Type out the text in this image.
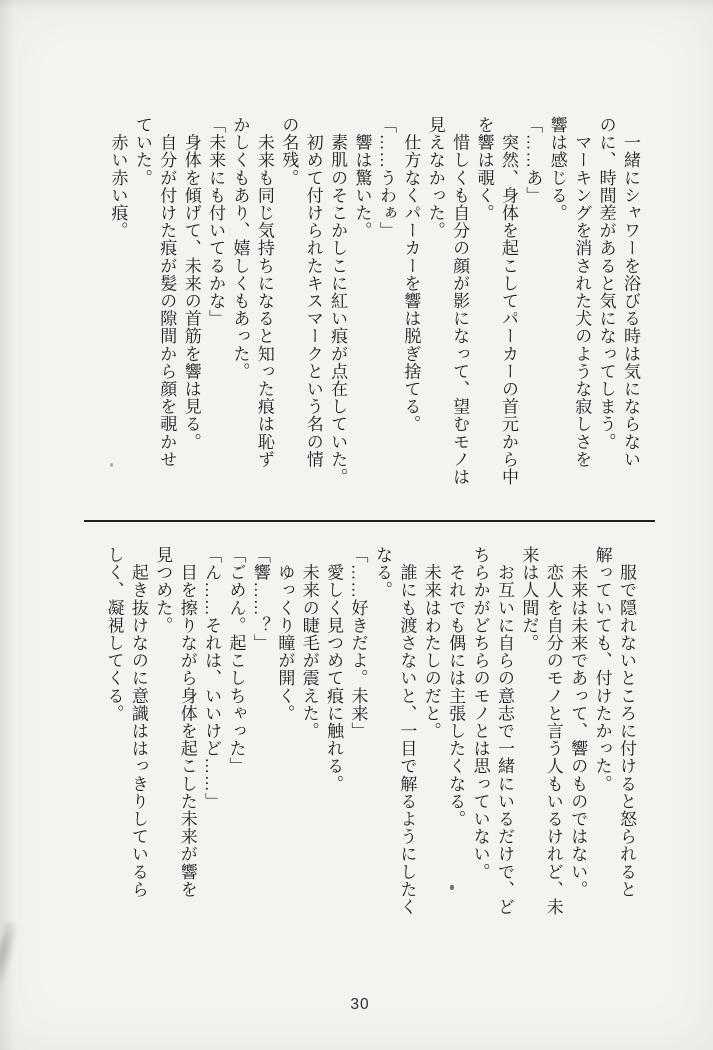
　一緒にシャワーを浴びる時は気にならない

のに、時間差があると気になってしまう。

　マーキングを消された犬のような寂しさを

響は感じる。

「……あ」

　突然、身体を起こしてパーカーの首元から中

を響は覗く。

　惜しくも自分の顔が影になって、望むモノは

見えなかった。

　仕方なくパーカーを響は脱ぎ捨てる。

「……うわぁ」

　響は驚いた。

　素肌のそこかしこに紅い痕が点在していた。

　初めて付けられたキスマークという名の情

の名残。

　未来も同じ気持ちになると知った痕は恥ず

かしくもあり、嬉しくもあった。

「未来にも付いてるかな」

　身体を傾げて、未来の首筋を響は見る。

　自分が付けた痕が髪の隙間から顔を覗かせ

ていた。

　赤い赤い痕。

　服で隠れないところに付けると怒られると

解っていても、付けたかった。

　未来は未来であって、響のものではない。

　恋人を自分のモノと言う人もいるけれど、未

来は人間だ。

　お互いに自らの意志で一緒にいるだけで、ど

ちらかがどちらのモノとは思っていない。

　それでも偶には主張したくなる。

　未来はわたしのだと。

　誰にも渡さないと、一目で解るようにしたく

なる。

「……好きだよ。未来」

　愛しく見つめて痕に触れる。

　未来の睫毛が震えた。

　ゆっくり瞳が開く。

「響……？」

「ごめん。起こしちゃった」

「ん……それは、いいけど……」

　目を擦りながら身体を起こした未来が響を

見つめた。

　起き抜けなのに意識ははっきりしているら

しく、凝視してくる。

30
